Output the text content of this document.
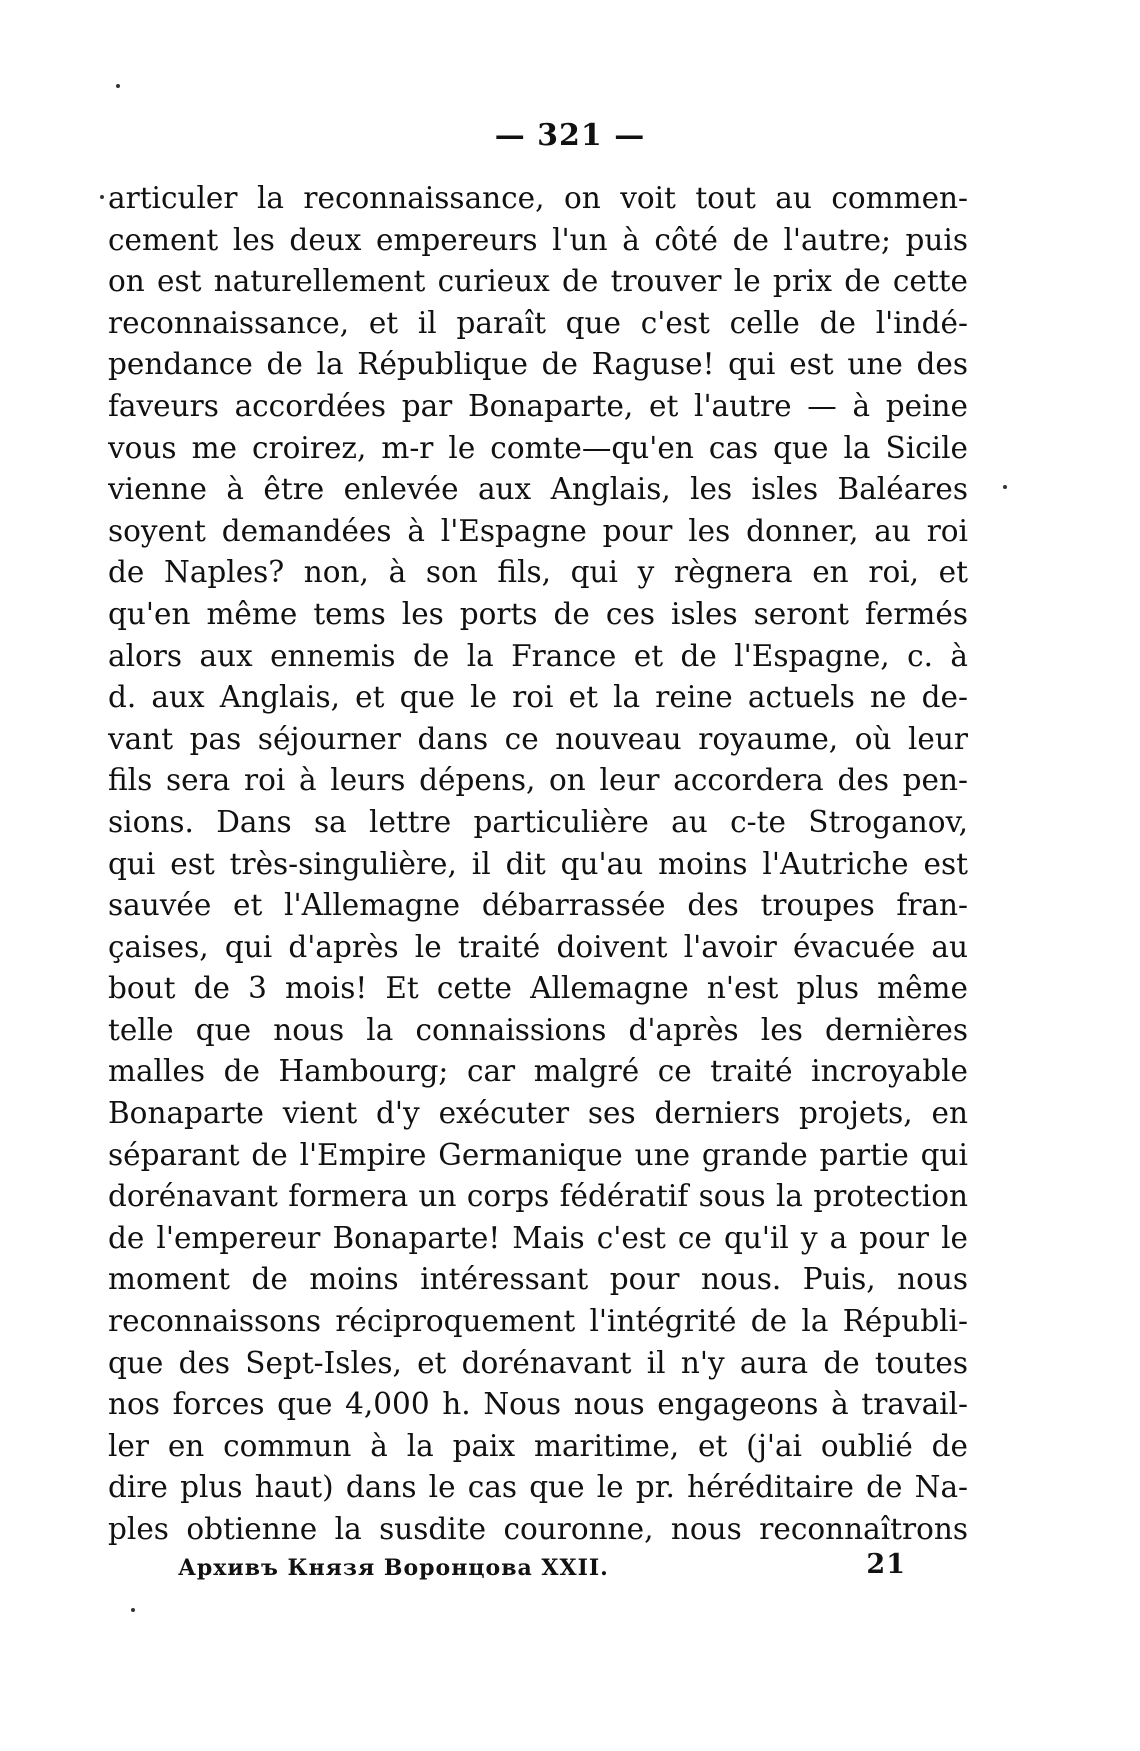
— 321 —
articuler la reconnaissance, on voit tout au commen-
cement les deux empereurs l'un à côté de l'autre; puis
on est naturellement curieux de trouver le prix de cette
reconnaissance, et il paraît que c'est celle de l'indé-
pendance de la République de Raguse! qui est une des
faveurs accordées par Bonaparte, et l'autre — à peine
vous me croirez, m-r le comte—qu'en cas que la Sicile
vienne à être enlevée aux Anglais, les isles Baléares
soyent demandées à l'Espagne pour les donner, au roi
de Naples? non, à son fils, qui y règnera en roi, et
qu'en même tems les ports de ces isles seront fermés
alors aux ennemis de la France et de l'Espagne, c. à
d. aux Anglais, et que le roi et la reine actuels ne de-
vant pas séjourner dans ce nouveau royaume, où leur
fils sera roi à leurs dépens, on leur accordera des pen-
sions. Dans sa lettre particulière au c-te Stroganov,
qui est très-singulière, il dit qu'au moins l'Autriche est
sauvée et l'Allemagne débarrassée des troupes fran-
çaises, qui d'après le traité doivent l'avoir évacuée au
bout de 3 mois! Et cette Allemagne n'est plus même
telle que nous la connaissions d'après les dernières
malles de Hambourg; car malgré ce traité incroyable
Bonaparte vient d'y exécuter ses derniers projets, en
séparant de l'Empire Germanique une grande partie qui
dorénavant formera un corps fédératif sous la protection
de l'empereur Bonaparte! Mais c'est ce qu'il y a pour le
moment de moins intéressant pour nous. Puis, nous
reconnaissons réciproquement l'intégrité de la Républi-
que des Sept-Isles, et dorénavant il n'y aura de toutes
nos forces que 4,000 h. Nous nous engageons à travail-
ler en commun à la paix maritime, et (j'ai oublié de
dire plus haut) dans le cas que le pr. héréditaire de Na-
ples obtienne la susdite couronne, nous reconnaîtrons
Архивъ Князя Воронцова XXII.	21
